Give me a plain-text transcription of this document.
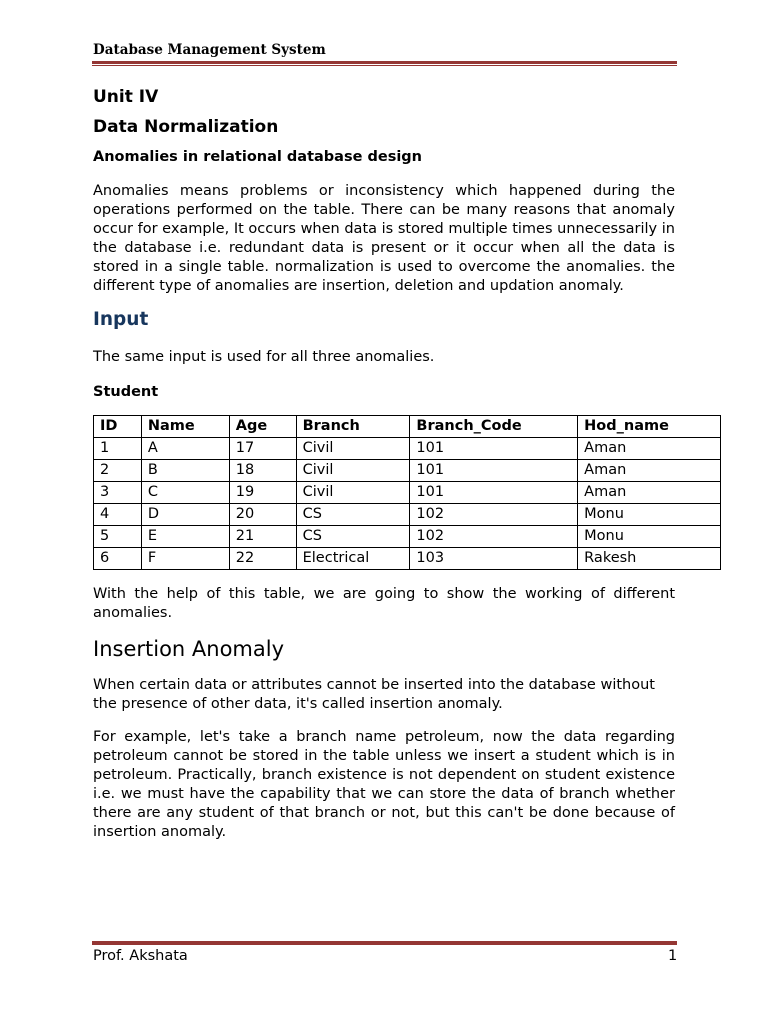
Database Management System
Unit IV
Data Normalization
Anomalies in relational database design

Anomalies means problems or inconsistency which happened during the operations performed on the table. There can be many reasons that anomaly occur for example, It occurs when data is stored multiple times unnecessarily in the database i.e. redundant data is present or it occur when all the data is stored in a single table. normalization is used to overcome the anomalies. the different type of anomalies are insertion, deletion and updation anomaly.

Input

The same input is used for all three anomalies.

Student
ID	Name	Age	Branch	Branch_Code	Hod_name
1	A	17	Civil	101	Aman
2	B	18	Civil	101	Aman
3	C	19	Civil	101	Aman
4	D	20	CS	102	Monu
5	E	21	CS	102	Monu
6	F	22	Electrical	103	Rakesh

With the help of this table, we are going to show the working of different anomalies.

Insertion Anomaly

When certain data or attributes cannot be inserted into the database without the presence of other data, it's called insertion anomaly.

For example, let's take a branch name petroleum, now the data regarding petroleum cannot be stored in the table unless we insert a student which is in petroleum. Practically, branch existence is not dependent on student existence i.e. we must have the capability that we can store the data of branch whether there are any student of that branch or not, but this can't be done because of insertion anomaly.

Prof. Akshata	1
